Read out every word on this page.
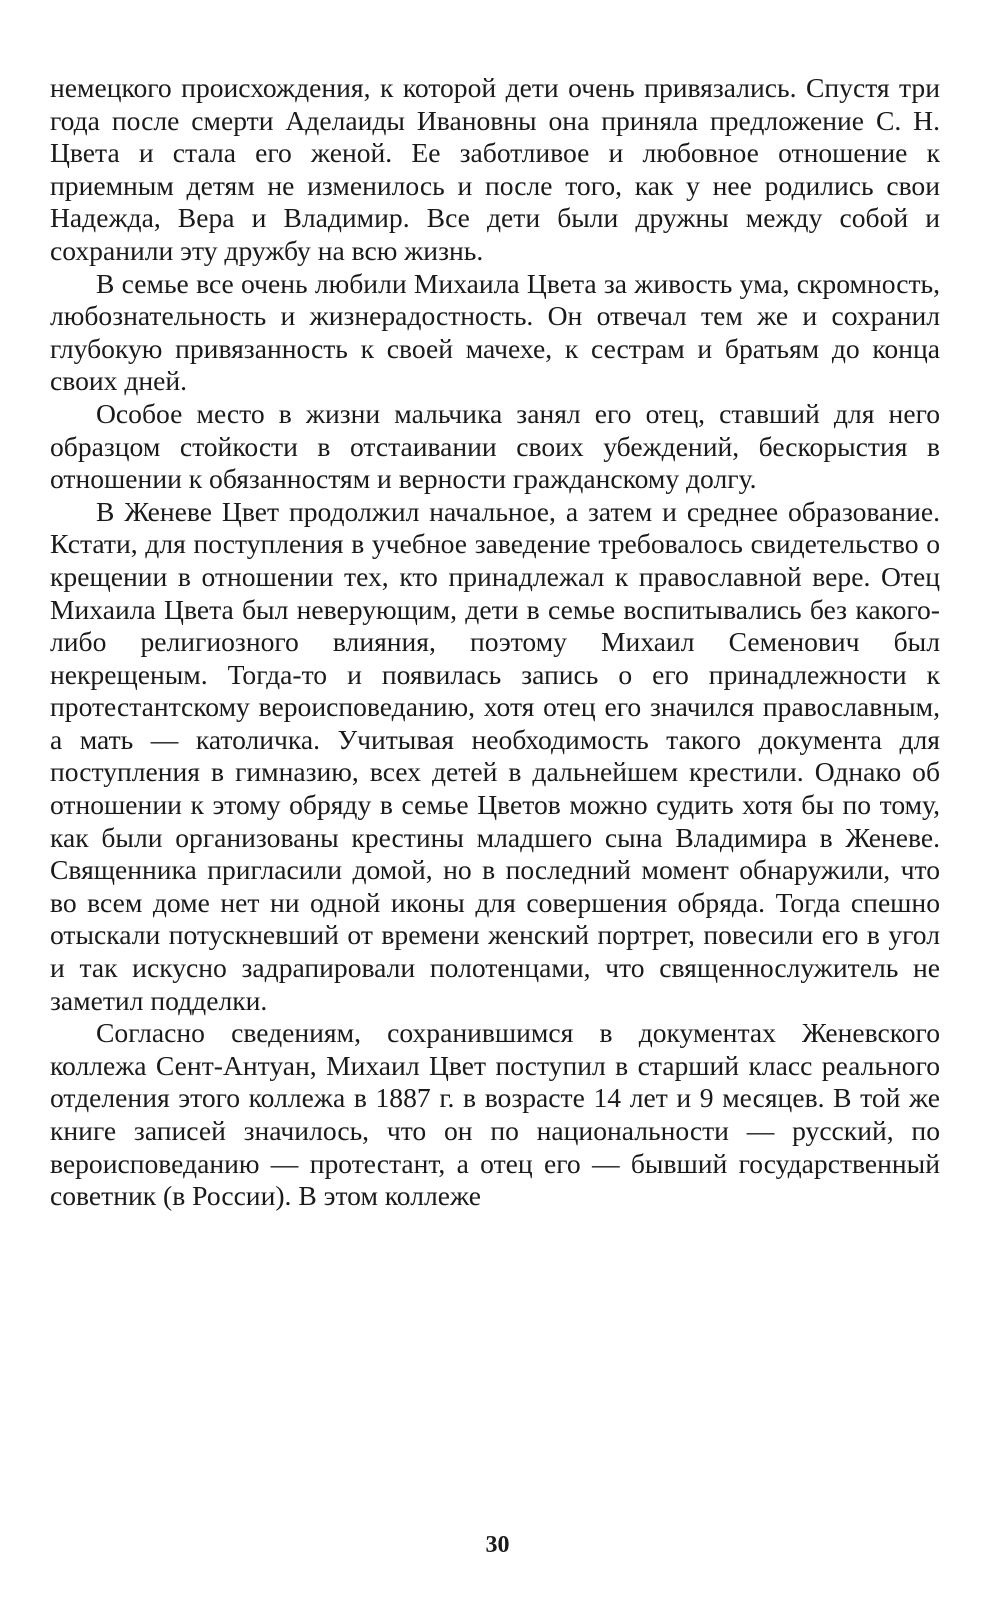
немецкого происхождения, к которой дети очень привязались. Спустя три года после смерти Аделаиды Ивановны она приняла предложение С. Н. Цвета и стала его женой. Ее заботливое и любовное отношение к приемным детям не изменилось и после того, как у нее родились свои Надежда, Вера и Владимир. Все дети были дружны между собой и сохранили эту дружбу на всю жизнь.

В семье все очень любили Михаила Цвета за живость ума, скромность, любознательность и жизнерадостность. Он отвечал тем же и сохранил глубокую привязанность к своей мачехе, к сестрам и братьям до конца своих дней.

Особое место в жизни мальчика занял его отец, ставший для него образцом стойкости в отстаивании своих убеждений, бескорыстия в отношении к обязанностям и верности гражданскому долгу.

В Женеве Цвет продолжил начальное, а затем и среднее образование. Кстати, для поступления в учебное заведение требовалось свидетельство о крещении в отношении тех, кто принадлежал к православной вере. Отец Михаила Цвета был неверующим, дети в семье воспитывались без какого-либо религиозного влияния, поэтому Михаил Семенович был некрещеным. Тогда-то и появилась запись о его принадлежности к протестантскому вероисповеданию, хотя отец его значился православным, а мать — католичка. Учитывая необходимость такого документа для поступления в гимназию, всех детей в дальнейшем крестили. Однако об отношении к этому обряду в семье Цветов можно судить хотя бы по тому, как были организованы крестины младшего сына Владимира в Женеве. Священника пригласили домой, но в последний момент обнаружили, что во всем доме нет ни одной иконы для совершения обряда. Тогда спешно отыскали потускневший от времени женский портрет, повесили его в угол и так искусно задрапировали полотенцами, что священнослужитель не заметил подделки.

Согласно сведениям, сохранившимся в документах Женевского коллежа Сент-Антуан, Михаил Цвет поступил в старший класс реального отделения этого коллежа в 1887 г. в возрасте 14 лет и 9 месяцев. В той же книге записей значилось, что он по национальности — русский, по вероисповеданию — протестант, а отец его — бывший государственный советник (в России). В этом коллеже

30
